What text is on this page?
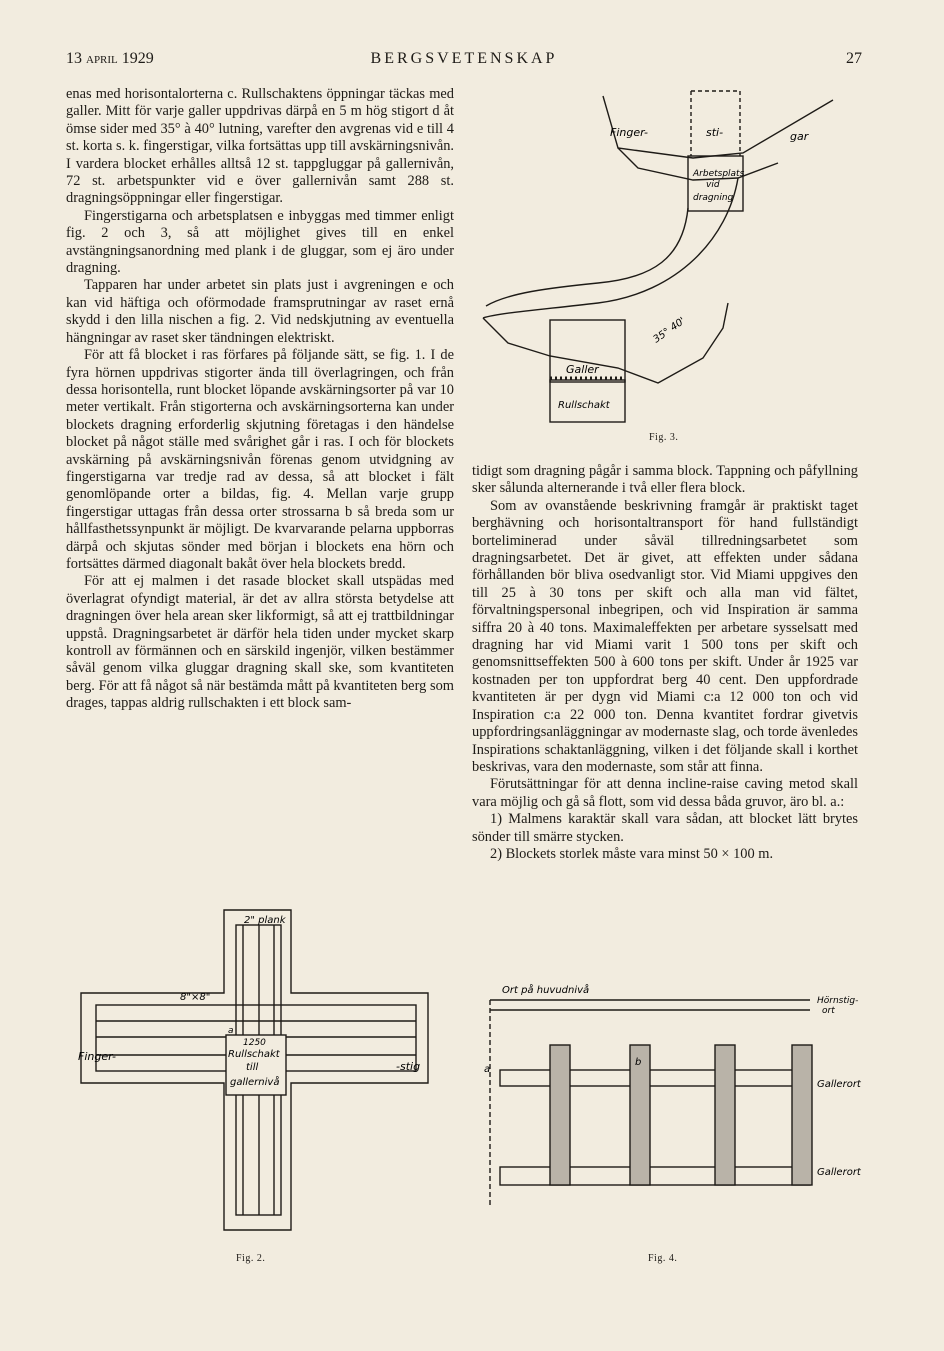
13 april 1929	BERGSVETENSKAP	27

enas med horisontalorterna c. Rullschaktens öppningar täckas med galler. Mitt för varje galler uppdrivas därpå en 5 m hög stigort d åt ömse sider med 35° à 40° lutning, varefter den avgrenas vid e till 4 st. korta s. k. fingerstigar, vilka fortsättas upp till avskärningsnivån. I vardera blocket erhålles alltså 12 st. tappgluggar på gallernivån, 72 st. arbetspunkter vid e över gallernivån samt 288 st. dragningsöppningar eller fingerstigar.

Fingerstigarna och arbetsplatsen e inbyggas med timmer enligt fig. 2 och 3, så att möjlighet gives till en enkel avstängningsanordning med plank i de gluggar, som ej äro under dragning.

Tapparen har under arbetet sin plats just i avgreningen e och kan vid häftiga och oförmodade framsprutningar av raset ernå skydd i den lilla nischen a fig. 2. Vid nedskjutning av eventuella hängningar av raset sker tändningen elektriskt.

För att få blocket i ras förfares på följande sätt, se fig. 1. I de fyra hörnen uppdrivas stigorter ända till överlagringen, och från dessa horisontella, runt blocket löpande avskärningsorter på var 10 meter vertikalt. Från stigorterna och avskärningsorterna kan under blockets dragning erforderlig skjutning företagas i den händelse blocket på något ställe med svårighet går i ras. I och för blockets avskärning på avskärningsnivån förenas genom utvidgning av fingerstigarna var tredje rad av dessa, så att blocket i fält genomlöpande orter a bildas, fig. 4. Mellan varje grupp fingerstigar uttagas från dessa orter strossarna b så breda som ur hållfasthetssynpunkt är möjligt. De kvarvarande pelarna uppborras därpå och skjutas sönder med början i blockets ena hörn och fortsättes därmed diagonalt bakåt över hela blockets bredd.

För att ej malmen i det rasade blocket skall utspädas med överlagrat ofyndigt material, är det av allra största betydelse att dragningen över hela arean sker likformigt, så att ej trattbildningar uppstå. Dragningsarbetet är därför hela tiden under mycket skarp kontroll av förmännen och en särskild ingenjör, vilken bestämmer såväl genom vilka gluggar dragning skall ske, som kvantiteten berg. För att få något så när bestämda mått på kvantiteten berg som drages, tappas aldrig rullschakten i ett block sam-

tidigt som dragning pågår i samma block. Tappning och påfyllning sker sålunda alternerande i två eller flera block.

Som av ovanstående beskrivning framgår är praktiskt taget berghävning och horisontaltransport för hand fullständigt borteliminerad under såväl tillredningsarbetet som dragningsarbetet. Det är givet, att effekten under sådana förhållanden bör bliva osedvanligt stor. Vid Miami uppgives den till 25 à 30 tons per skift och alla man vid fältet, förvaltningspersonal inbegripen, och vid Inspiration är samma siffra 20 à 40 tons. Maximaleffekten per arbetare sysselsatt med dragning har vid Miami varit 1 500 tons per skift och genomsnittseffekten 500 à 600 tons per skift. Under år 1925 var kostnaden per ton uppfordrat berg 40 cent. Den uppfordrade kvantiteten är per dygn vid Miami c:a 12 000 ton och vid Inspiration c:a 22 000 ton. Denna kvantitet fordrar givetvis uppfordringsanläggningar av modernaste slag, och torde ävenledes Inspirations schaktanläggning, vilken i det följande skall i korthet beskrivas, vara den modernaste, som står att finna.

Förutsättningar för att denna incline-raise caving metod skall vara möjlig och gå så flott, som vid dessa båda gruvor, äro bl. a.:

1) Malmens karaktär skall vara sådan, att blocket lätt brytes sönder till smärre stycken.

2) Blockets storlek måste vara minst 50 × 100 m.

Finger-	sti-	gar
Arbetsplats
vid
dragning
35° 40'
Galler
Rullschakt
Fig. 3.
2" plank
8"×8"
Finger-
-stig
1250
Rullschakt
till
gallernivå
a
Fig. 2.
Ort på huvudnivå
Hörnstig-
ort
Gallerort
Gallerort
a
b
Fig. 4.
